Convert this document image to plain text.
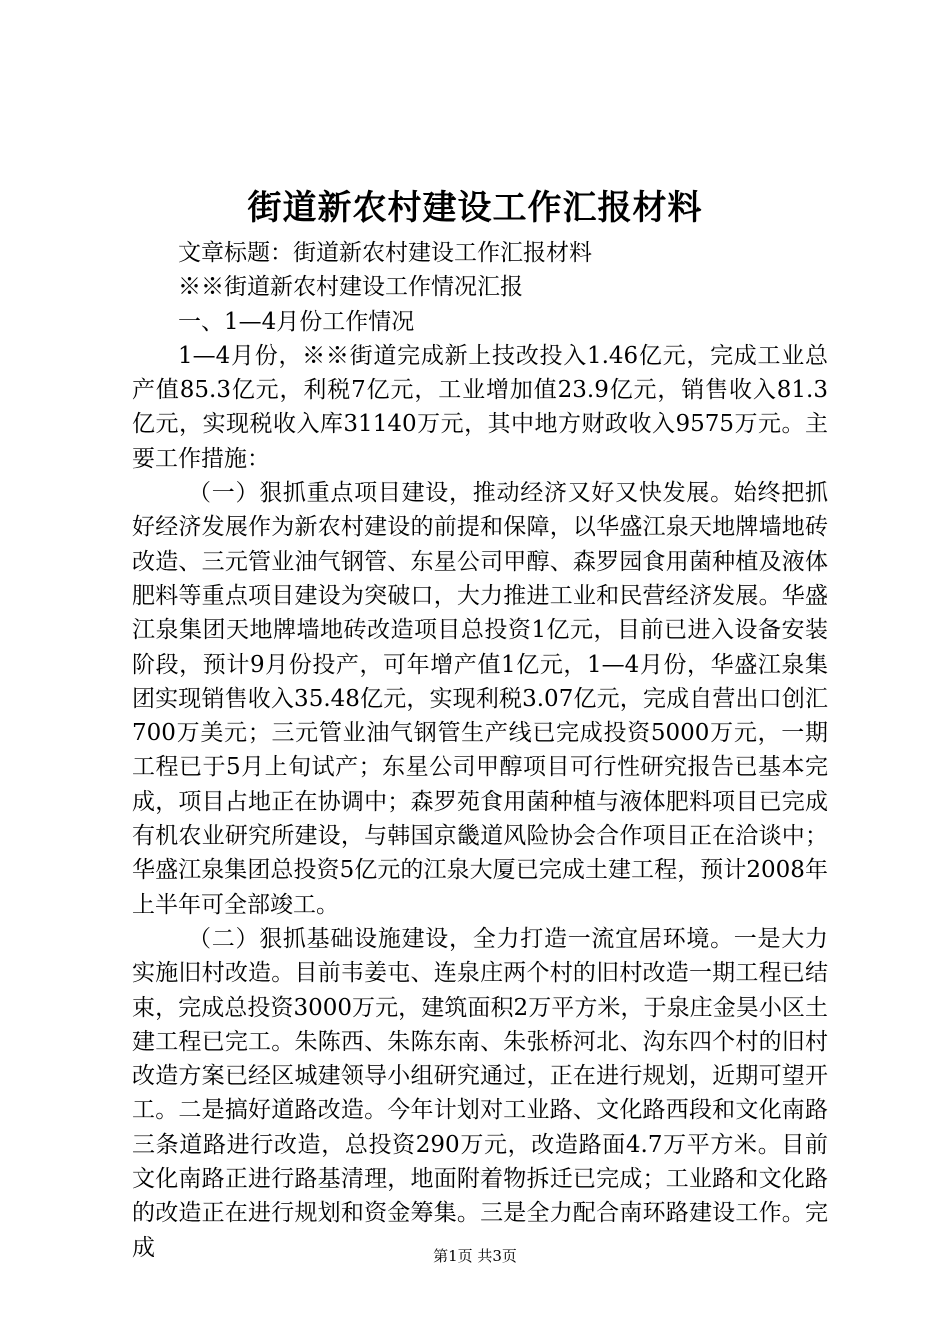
街道新农村建设工作汇报材料

文章标题：街道新农村建设工作汇报材料

※※街道新农村建设工作情况汇报

一、1—4月份工作情况

1—4月份，※※街道完成新上技改投入1.46亿元，完成工业总产值85.3亿元，利税7亿元，工业增加值23.9亿元，销售收入81.3亿元，实现税收入库31140万元，其中地方财政收入9575万元。主要工作措施：

（一）狠抓重点项目建设，推动经济又好又快发展。始终把抓好经济发展作为新农村建设的前提和保障，以华盛江泉天地牌墙地砖改造、三元管业油气钢管、东星公司甲醇、森罗园食用菌种植及液体肥料等重点项目建设为突破口，大力推进工业和民营经济发展。华盛江泉集团天地牌墙地砖改造项目总投资1亿元，目前已进入设备安装阶段，预计9月份投产，可年增产值1亿元，1—4月份，华盛江泉集团实现销售收入35.48亿元，实现利税3.07亿元，完成自营出口创汇700万美元；三元管业油气钢管生产线已完成投资5000万元，一期工程已于5月上旬试产；东星公司甲醇项目可行性研究报告已基本完成，项目占地正在协调中；森罗苑食用菌种植与液体肥料项目已完成有机农业研究所建设，与韩国京畿道风险协会合作项目正在洽谈中；华盛江泉集团总投资5亿元的江泉大厦已完成土建工程，预计2008年上半年可全部竣工。

（二）狠抓基础设施建设，全力打造一流宜居环境。一是大力实施旧村改造。目前韦姜屯、连泉庄两个村的旧村改造一期工程已结束，完成总投资3000万元，建筑面积2万平方米，于泉庄金昊小区土建工程已完工。朱陈西、朱陈东南、朱张桥河北、沟东四个村的旧村改造方案已经区城建领导小组研究通过，正在进行规划，近期可望开工。二是搞好道路改造。今年计划对工业路、文化路西段和文化南路三条道路进行改造，总投资290万元，改造路面4.7万平方米。目前文化南路正进行路基清理，地面附着物拆迁已完成；工业路和文化路的改造正在进行规划和资金筹集。三是全力配合南环路建设工作。完成	第1页 共3页
